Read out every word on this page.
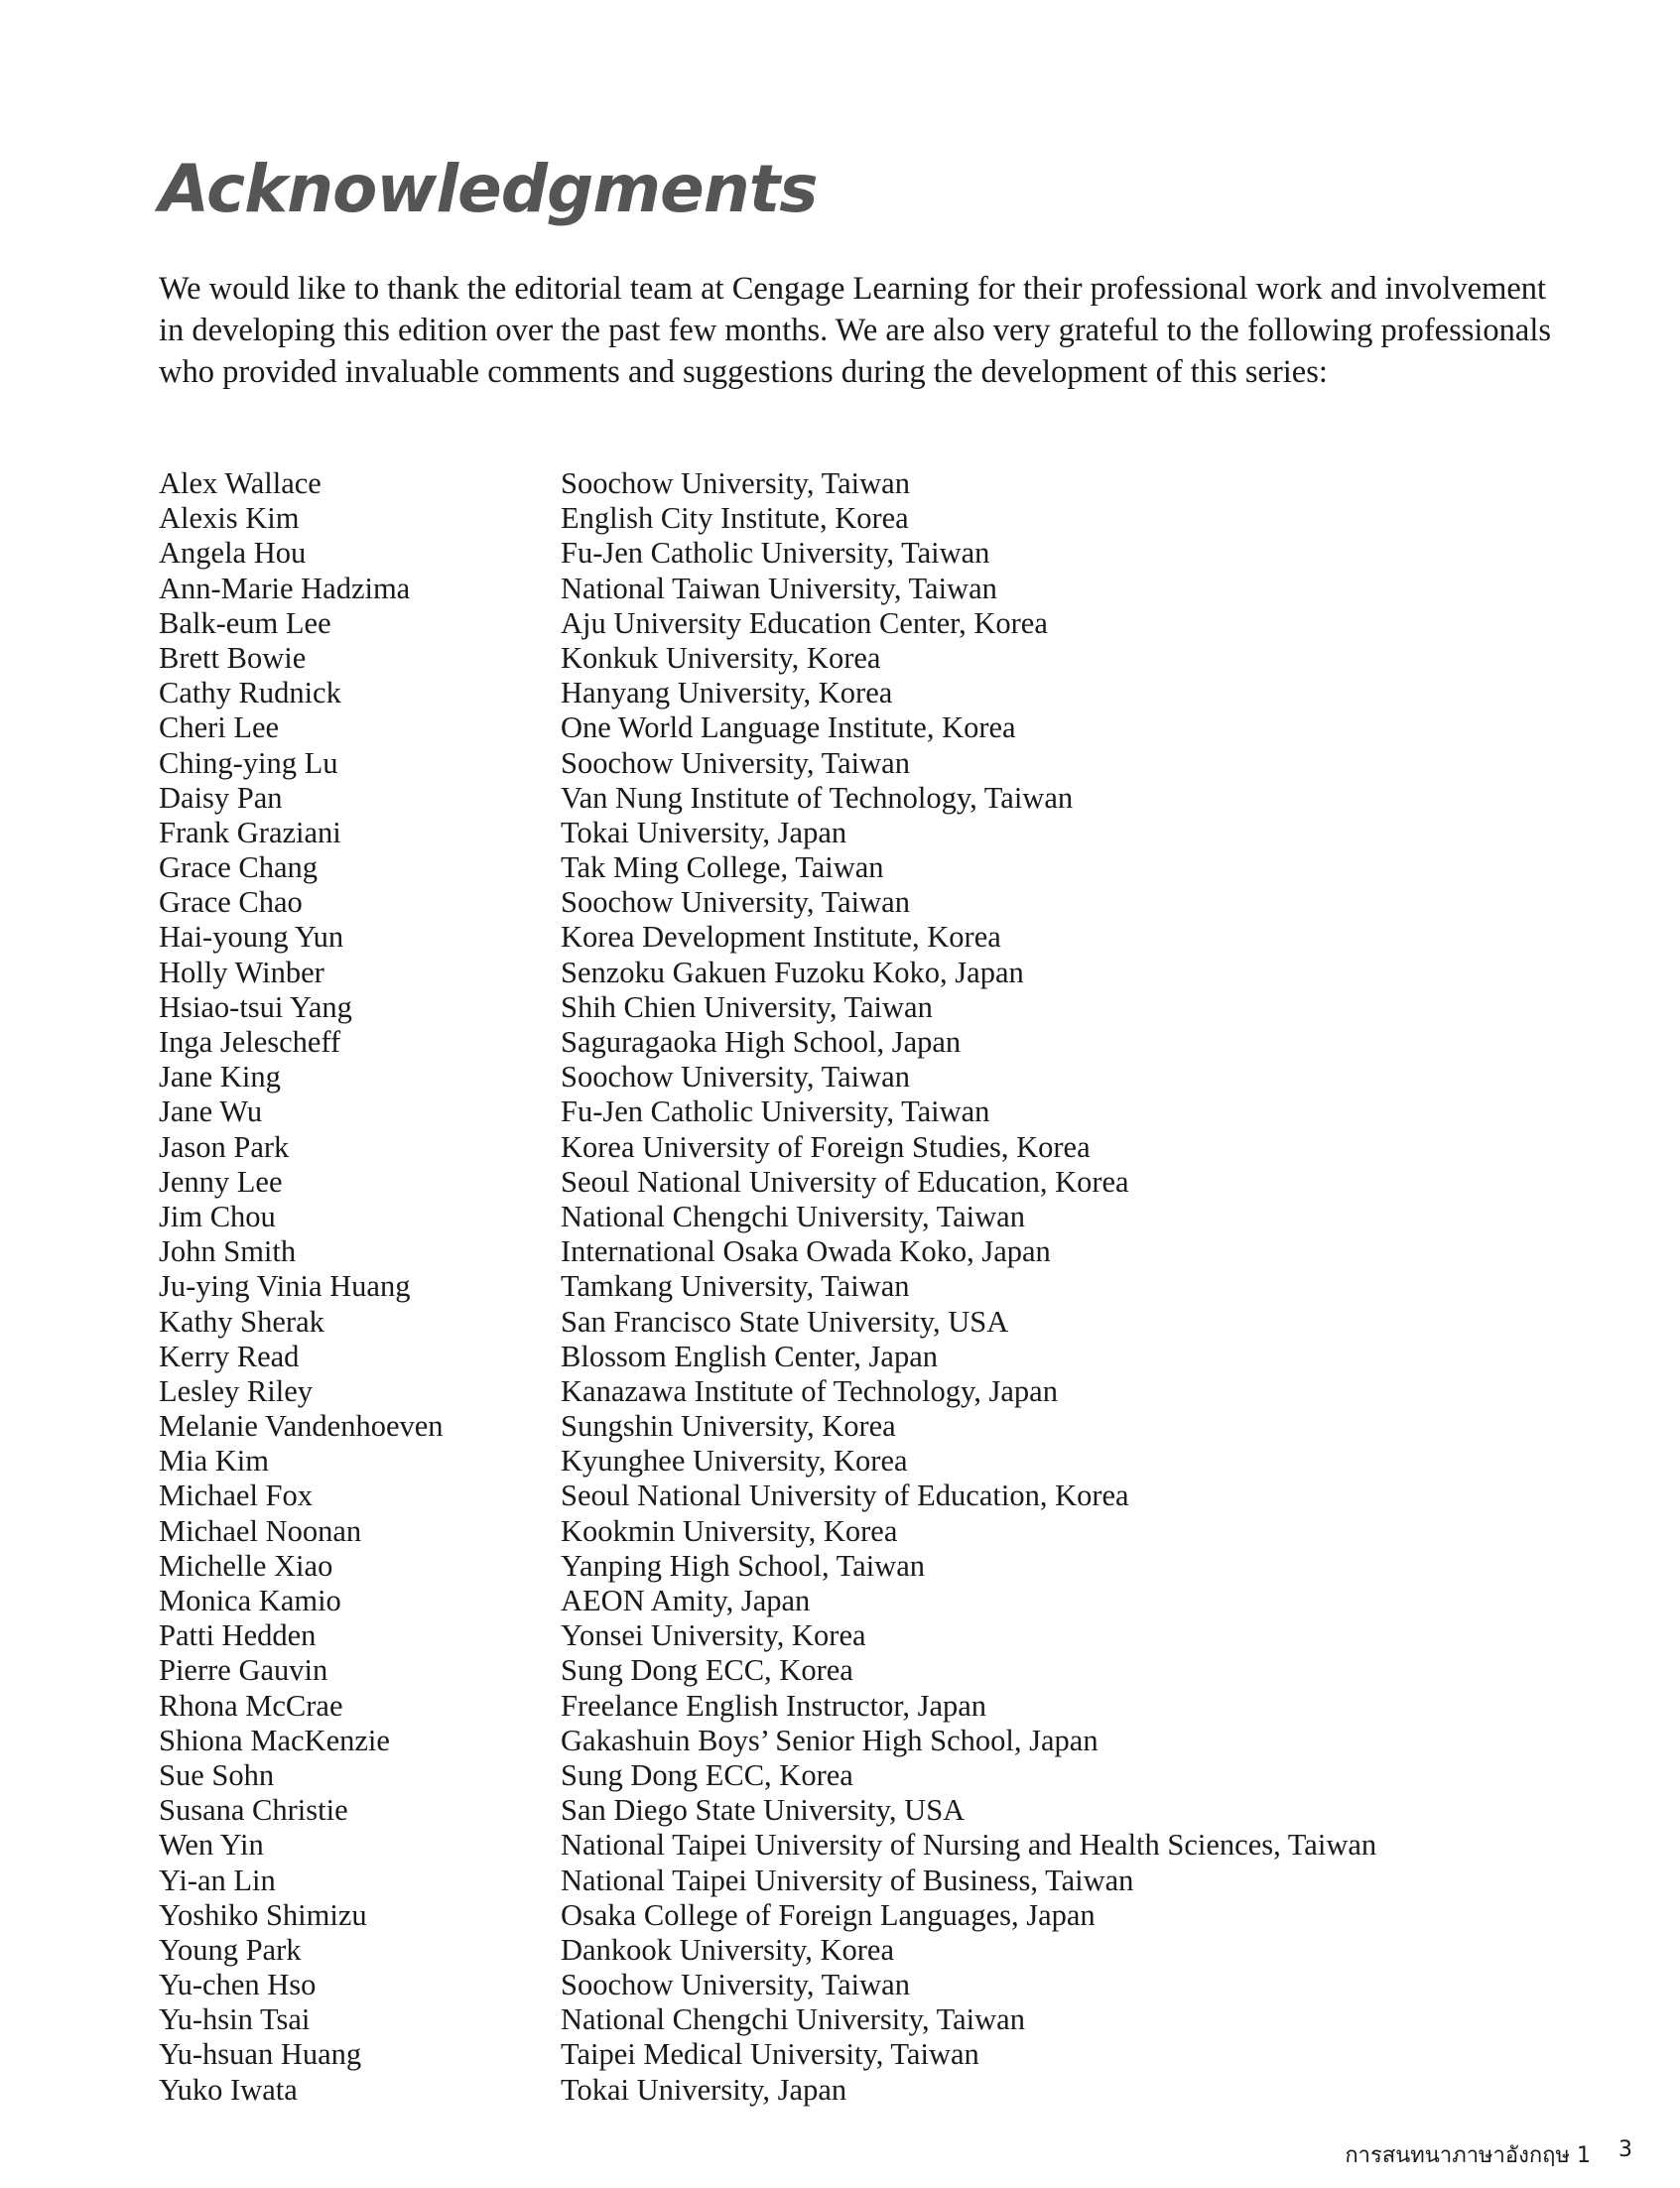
Acknowledgments

We would like to thank the editorial team at Cengage Learning for their professional work and involvement in developing this edition over the past few months. We are also very grateful to the following professionals who provided invaluable comments and suggestions during the development of this series:

Alex Wallace	Soochow University, Taiwan
Alexis Kim	English City Institute, Korea
Angela Hou	Fu-Jen Catholic University, Taiwan
Ann-Marie Hadzima	National Taiwan University, Taiwan
Balk-eum Lee	Aju University Education Center, Korea
Brett Bowie	Konkuk University, Korea
Cathy Rudnick	Hanyang University, Korea
Cheri Lee	One World Language Institute, Korea
Ching-ying Lu	Soochow University, Taiwan
Daisy Pan	Van Nung Institute of Technology, Taiwan
Frank Graziani	Tokai University, Japan
Grace Chang	Tak Ming College, Taiwan
Grace Chao	Soochow University, Taiwan
Hai-young Yun	Korea Development Institute, Korea
Holly Winber	Senzoku Gakuen Fuzoku Koko, Japan
Hsiao-tsui Yang	Shih Chien University, Taiwan
Inga Jelescheff	Saguragaoka High School, Japan
Jane King	Soochow University, Taiwan
Jane Wu	Fu-Jen Catholic University, Taiwan
Jason Park	Korea University of Foreign Studies, Korea
Jenny Lee	Seoul National University of Education, Korea
Jim Chou	National Chengchi University, Taiwan
John Smith	International Osaka Owada Koko, Japan
Ju-ying Vinia Huang	Tamkang University, Taiwan
Kathy Sherak	San Francisco State University, USA
Kerry Read	Blossom English Center, Japan
Lesley Riley	Kanazawa Institute of Technology, Japan
Melanie Vandenhoeven	Sungshin University, Korea
Mia Kim	Kyunghee University, Korea
Michael Fox	Seoul National University of Education, Korea
Michael Noonan	Kookmin University, Korea
Michelle Xiao	Yanping High School, Taiwan
Monica Kamio	AEON Amity, Japan
Patti Hedden	Yonsei University, Korea
Pierre Gauvin	Sung Dong ECC, Korea
Rhona McCrae	Freelance English Instructor, Japan
Shiona MacKenzie	Gakashuin Boys’ Senior High School, Japan
Sue Sohn	Sung Dong ECC, Korea
Susana Christie	San Diego State University, USA
Wen Yin	National Taipei University of Nursing and Health Sciences, Taiwan
Yi-an Lin	National Taipei University of Business, Taiwan
Yoshiko Shimizu	Osaka College of Foreign Languages, Japan
Young Park	Dankook University, Korea
Yu-chen Hso	Soochow University, Taiwan
Yu-hsin Tsai	National Chengchi University, Taiwan
Yu-hsuan Huang	Taipei Medical University, Taiwan
Yuko Iwata	Tokai University, Japan
การสนทนาภาษาอังกฤษ 1 3
